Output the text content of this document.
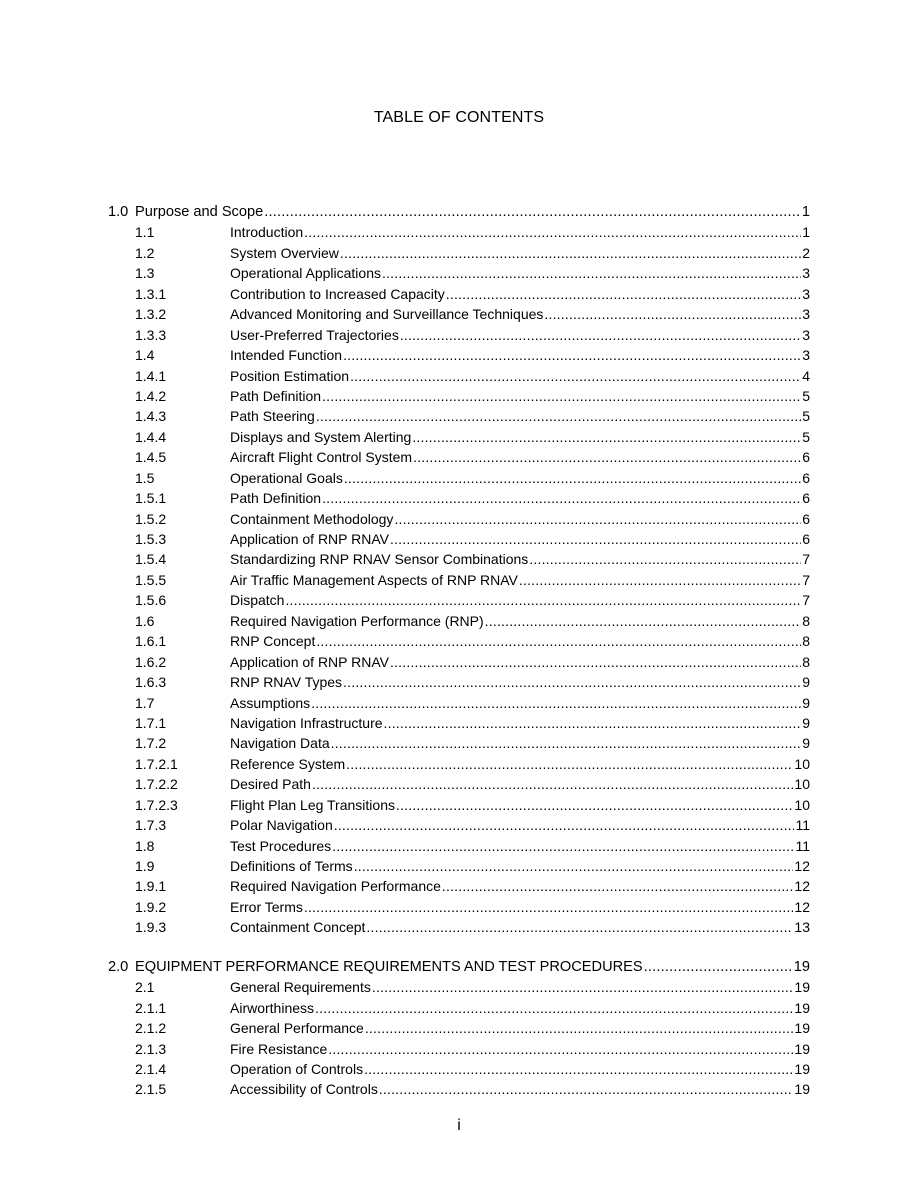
TABLE OF CONTENTS
1.0 Purpose and Scope .....	1
1.1	Introduction .....	1
1.2	System Overview .....	2
1.3	Operational Applications .....	3
1.3.1	Contribution to Increased Capacity .....	3
1.3.2	Advanced Monitoring and Surveillance Techniques .....	3
1.3.3	User-Preferred Trajectories .....	3
1.4	Intended Function .....	3
1.4.1	Position Estimation .....	4
1.4.2	Path Definition .....	5
1.4.3	Path Steering .....	5
1.4.4	Displays and System Alerting .....	5
1.4.5	Aircraft Flight Control System .....	6
1.5	Operational Goals .....	6
1.5.1	Path Definition .....	6
1.5.2	Containment Methodology .....	6
1.5.3	Application of RNP RNAV .....	6
1.5.4	Standardizing RNP RNAV Sensor Combinations .....	7
1.5.5	Air Traffic Management Aspects of RNP RNAV .....	7
1.5.6	Dispatch .....	7
1.6	Required Navigation Performance (RNP) .....	8
1.6.1	RNP Concept .....	8
1.6.2	Application of RNP RNAV .....	8
1.6.3	RNP RNAV Types .....	9
1.7	Assumptions .....	9
1.7.1	Navigation Infrastructure .....	9
1.7.2	Navigation Data .....	9
1.7.2.1	Reference System .....	10
1.7.2.2	Desired Path .....	10
1.7.2.3	Flight Plan Leg Transitions .....	10
1.7.3	Polar Navigation .....	11
1.8	Test Procedures .....	11
1.9	Definitions of Terms .....	12
1.9.1	Required Navigation Performance .....	12
1.9.2	Error Terms .....	12
1.9.3	Containment Concept .....	13
2.0 EQUIPMENT PERFORMANCE REQUIREMENTS AND TEST PROCEDURES .....	19
2.1	General Requirements .....	19
2.1.1	Airworthiness .....	19
2.1.2	General Performance .....	19
2.1.3	Fire Resistance .....	19
2.1.4	Operation of Controls .....	19
2.1.5	Accessibility of Controls .....	19
i
